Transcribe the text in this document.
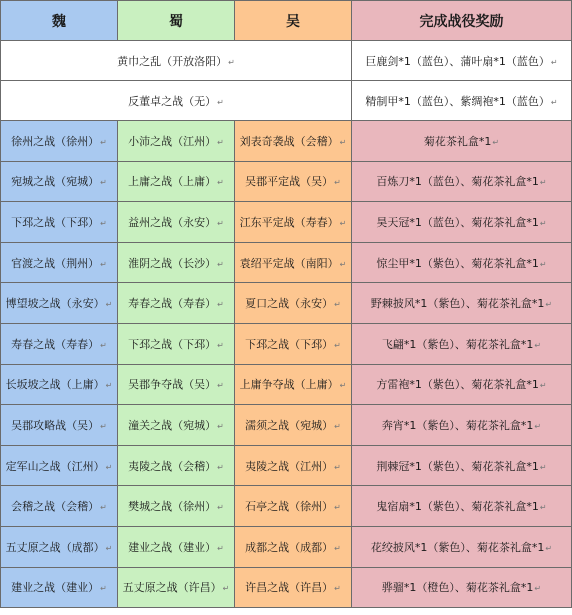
魏	蜀	吴	完成战役奖励
黄巾之乱（开放洛阳）↵			巨鹿剑*1（蓝色）、蒲叶扇*1（蓝色）↵
反董卓之战（无）↵			精制甲*1（蓝色）、紫绸袍*1（蓝色）↵
徐州之战（徐州）↵	小沛之战（江州）↵	刘表奇袭战（会稽）↵	菊花茶礼盒*1↵
宛城之战（宛城）↵	上庸之战（上庸）↵	吴郡平定战（吴）↵	百炼刀*1（蓝色）、菊花茶礼盒*1↵
下邳之战（下邳）↵	益州之战（永安）↵	江东平定战（寿春）↵	昊天冠*1（蓝色）、菊花茶礼盒*1↵
官渡之战（荆州）↵	淮阴之战（长沙）↵	袁绍平定战（南阳）↵	惊尘甲*1（紫色）、菊花茶礼盒*1↵
博望坡之战（永安）↵	寿春之战（寿春）↵	夏口之战（永安）↵	野棘披风*1（紫色）、菊花茶礼盒*1↵
寿春之战（寿春）↵	下邳之战（下邳）↵	下邳之战（下邳）↵	飞翩*1（紫色）、菊花茶礼盒*1↵
长坂坡之战（上庸）↵	吴郡争夺战（吴）↵	上庸争夺战（上庸）↵	方雷袍*1（紫色）、菊花茶礼盒*1↵
吴郡攻略战（吴）↵	潼关之战（宛城）↵	濡须之战（宛城）↵	奔宵*1（紫色）、菊花茶礼盒*1↵
定军山之战（江州）↵	夷陵之战（会稽）↵	夷陵之战（江州）↵	荆棘冠*1（紫色）、菊花茶礼盒*1↵
会稽之战（会稽）↵	樊城之战（徐州）↵	石亭之战（徐州）↵	鬼宿扇*1（紫色）、菊花茶礼盒*1↵
五丈原之战（成都）↵	建业之战（建业）↵	成都之战（成都）↵	花绞披风*1（紫色）、菊花茶礼盒*1↵
建业之战（建业）↵	五丈原之战（许昌）↵	许昌之战（许昌）↵	骅骝*1（橙色）、菊花茶礼盒*1↵
